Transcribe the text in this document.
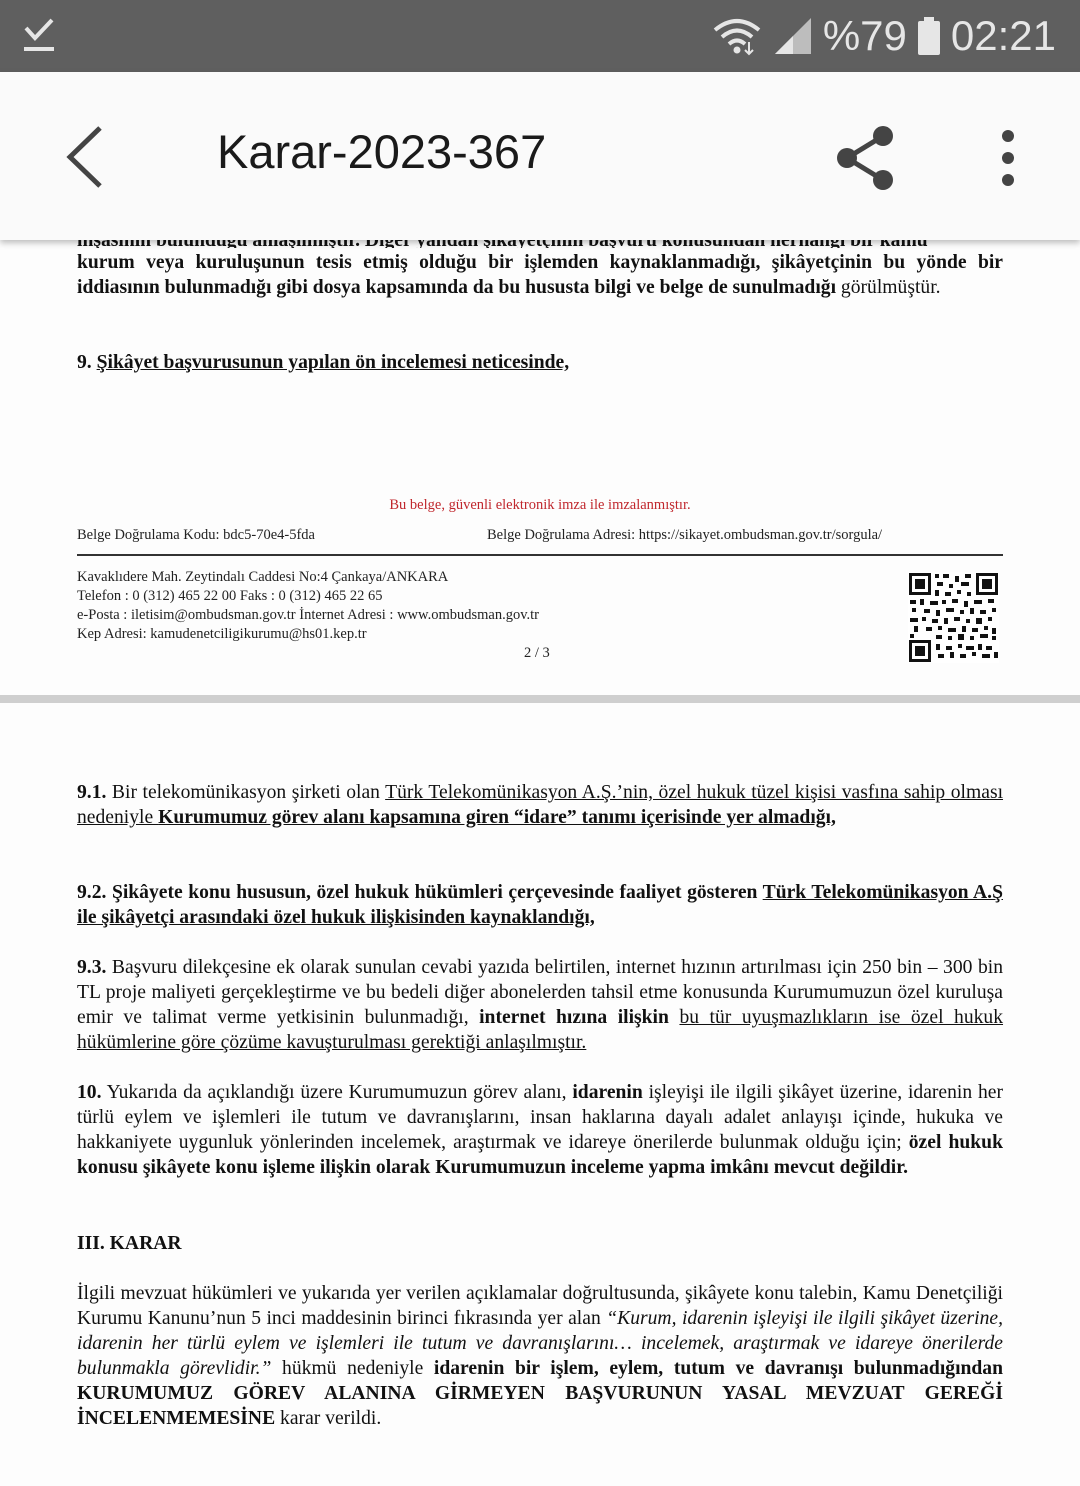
%79 02:21
Karar-2023-367
kurum veya kuruluşunun tesis etmiş olduğu bir işlemden kaynaklanmadığı, şikâyetçinin bu yönde bir iddiasının bulunmadığı gibi dosya kapsamında da bu hususta bilgi ve belge de sunulmadığı görülmüştür.
9. Şikâyet başvurusunun yapılan ön incelemesi neticesinde,
Bu belge, güvenli elektronik imza ile imzalanmıştır.
Belge Doğrulama Kodu: bdc5-70e4-5fda	Belge Doğrulama Adresi: https://sikayet.ombudsman.gov.tr/sorgula/
Kavaklıdere Mah. Zeytindalı Caddesi No:4 Çankaya/ANKARA
Telefon : 0 (312) 465 22 00 Faks : 0 (312) 465 22 65
e-Posta : iletisim@ombudsman.gov.tr İnternet Adresi : www.ombudsman.gov.tr
Kep Adresi: kamudenetciligikurumu@hs01.kep.tr
2 / 3
9.1. Bir telekomünikasyon şirketi olan Türk Telekomünikasyon A.Ş.’nin, özel hukuk tüzel kişisi vasfına sahip olması nedeniyle Kurumumuz görev alanı kapsamına giren “idare” tanımı içerisinde yer almadığı,
9.2. Şikâyete konu hususun, özel hukuk hükümleri çerçevesinde faaliyet gösteren Türk Telekomünikasyon A.Ş ile şikâyetçi arasındaki özel hukuk ilişkisinden kaynaklandığı,
9.3. Başvuru dilekçesine ek olarak sunulan cevabi yazıda belirtilen, internet hızının artırılması için 250 bin – 300 bin TL proje maliyeti gerçekleştirme ve bu bedeli diğer abonelerden tahsil etme konusunda Kurumumuzun özel kuruluşa emir ve talimat verme yetkisinin bulunmadığı, internet hızına ilişkin bu tür uyuşmazlıkların ise özel hukuk hükümlerine göre çözüme kavuşturulması gerektiği anlaşılmıştır.
10. Yukarıda da açıklandığı üzere Kurumumuzun görev alanı, idarenin işleyişi ile ilgili şikâyet üzerine, idarenin her türlü eylem ve işlemleri ile tutum ve davranışlarını, insan haklarına dayalı adalet anlayışı içinde, hukuka ve hakkaniyete uygunluk yönlerinden incelemek, araştırmak ve idareye önerilerde bulunmak olduğu için; özel hukuk konusu şikâyete konu işleme ilişkin olarak Kurumumuzun inceleme yapma imkânı mevcut değildir.
III. KARAR
İlgili mevzuat hükümleri ve yukarıda yer verilen açıklamalar doğrultusunda, şikâyete konu talebin, Kamu Denetçiliği Kurumu Kanunu’nun 5 inci maddesinin birinci fıkrasında yer alan “Kurum, idarenin işleyişi ile ilgili şikâyet üzerine, idarenin her türlü eylem ve işlemleri ile tutum ve davranışlarını… incelemek, araştırmak ve idareye önerilerde bulunmakla görevlidir.” hükmü nedeniyle idarenin bir işlem, eylem, tutum ve davranışı bulunmadığından KURUMUMUZ GÖREV ALANINA GİRMEYEN BAŞVURUNUN YASAL MEVZUAT GEREĞİ İNCELENMEMESİNE karar verildi.
